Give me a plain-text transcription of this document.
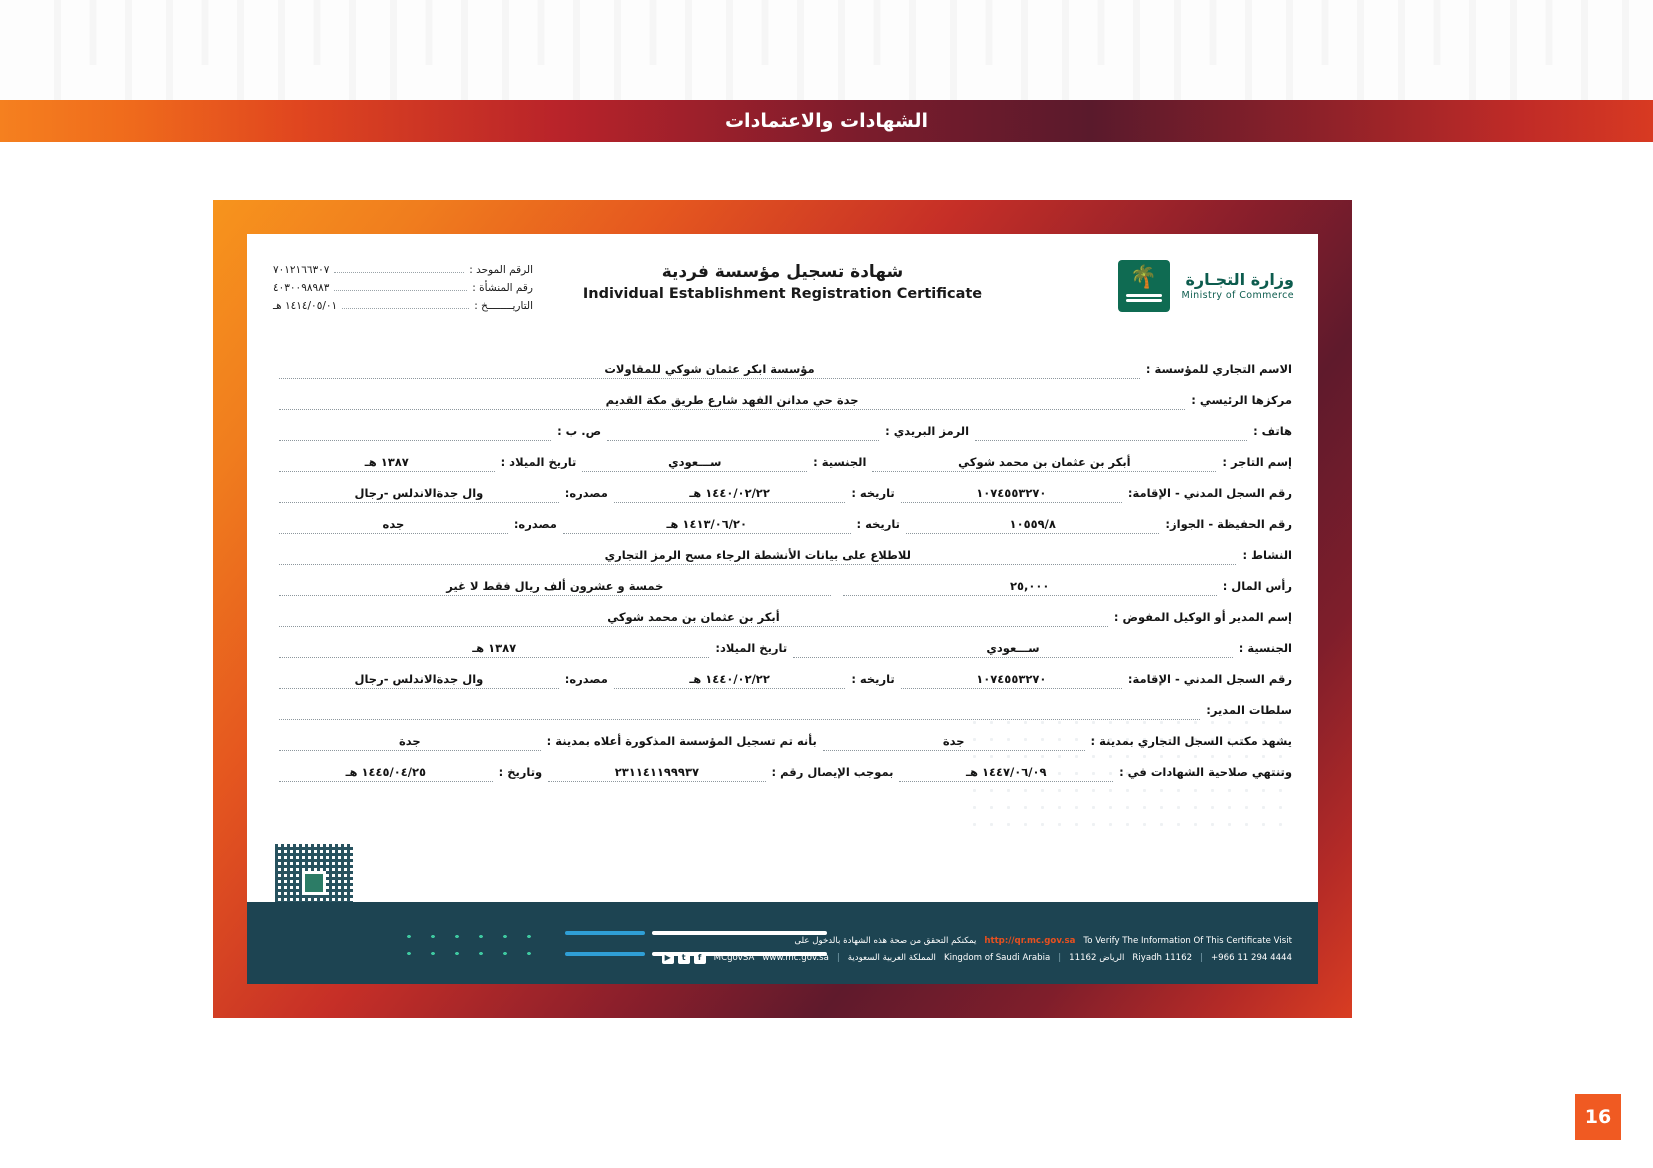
الشهادات والاعتمادات
وزارة التجـارة
Ministry of Commerce
🌴
شهادة تسجيل مؤسسة فردية
Individual Establishment Registration Certificate
الرقم الموحد :
٧٠١٢١٦٦٣٠٧
رقم المنشأة :
٤٠٣٠٠٩٨٩٨٣
التاريــــــــخ :
١٤١٤/٠٥/٠١ هـ
الاسم التجاري للمؤسسة :
مؤسسة ابكر عثمان شوكي للمقاولات
مركزها الرئيسي :
جدة حي مدانن الفهد شارع طريق مكة القديم
هاتف :
الرمز البريدي :
ص. ب :
إسم التاجر :
أبكر بن عثمان بن محمد شوكي
الجنسية :
ســـعودي
تاريخ الميلاد :
١٣٨٧ هـ
رقم السجل المدني - الإقامة:
١٠٧٤٥٥٣٢٧٠
تاريخه :
١٤٤٠/٠٢/٢٢ هـ
مصدره:
وال جدةالاندلس -رجال
رقم الحفيظة - الجواز:
١٠٥٥٩/٨
تاريخه :
١٤١٣/٠٦/٢٠ هـ
مصدره:
جده
النشاط :
للاطلاع على بيانات الأنشطة الرجاء مسح الرمز التجاري
رأس المال :
٢٥,٠٠٠
خمسة و عشرون ألف ريال فقط لا غير
إسم المدير أو الوكيل المفوض :
أبكر بن عثمان بن محمد شوكي
الجنسية :
ســـعودي
تاريخ الميلاد:
١٣٨٧ هـ
رقم السجل المدني - الإقامة:
١٠٧٤٥٥٣٢٧٠
تاريخه :
١٤٤٠/٠٢/٢٢ هـ
مصدره:
وال جدةالاندلس -رجال
سلطات المدير:
يشهد مكتب السجل التجاري بمدينة :
جدة
بأنه تم تسجيل المؤسسة المذكورة أعلاه بمدينة :
جدة
وتنتهي صلاحية الشهادات في :
١٤٤٧/٠٦/٠٩ هـ
بموجب الإيصال رقم :
٢٣١١٤١١٩٩٩٣٧
وتاريخ :
١٤٤٥/٠٤/٢٥ هـ
To Verify The Information Of This Certificate Visit
http://qr.mc.gov.sa
يمكنكم التحقق من صحة هذه الشهادة بالدخول على
+966 11 294 4444
|
Riyadh 11162
الرياض 11162
|
Kingdom of Saudi Arabia
المملكة العربية السعودية
|
www.mc.gov.sa
MCgovSA
f
t
▶
16
